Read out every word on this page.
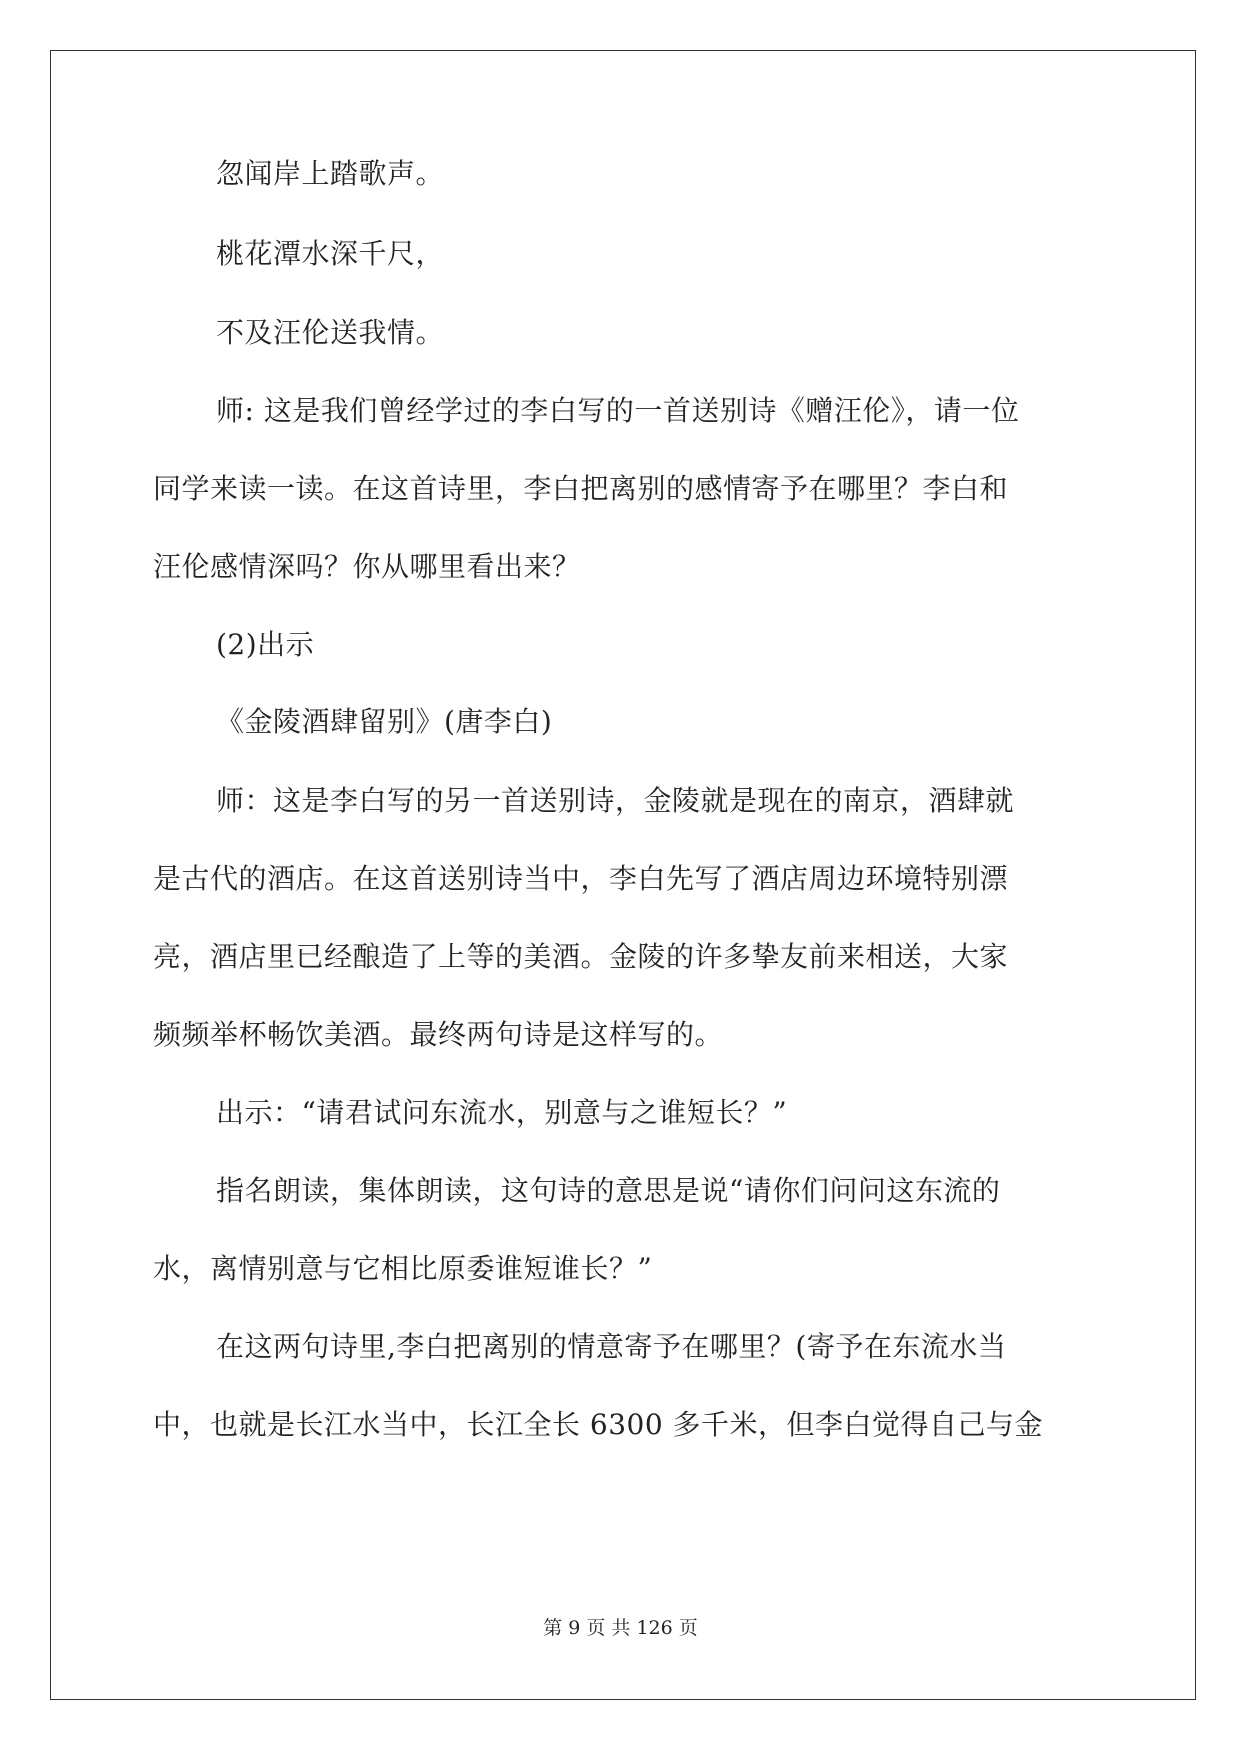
忽闻岸上踏歌声。
桃花潭水深千尺，
不及汪伦送我情。
师: 这是我们曾经学过的李白写的一首送别诗《赠汪伦》，请一位
同学来读一读。在这首诗里，李白把离别的感情寄予在哪里？李白和
汪伦感情深吗？你从哪里看出来？
(2)出示
《金陵酒肆留别》(唐李白)
师：这是李白写的另一首送别诗，金陵就是现在的南京，酒肆就
是古代的酒店。在这首送别诗当中，李白先写了酒店周边环境特别漂
亮，酒店里已经酿造了上等的美酒。金陵的许多挚友前来相送，大家
频频举杯畅饮美酒。最终两句诗是这样写的。
出示：“请君试问东流水，别意与之谁短长？”
指名朗读，集体朗读，这句诗的意思是说“请你们问问这东流的
水，离情别意与它相比原委谁短谁长？”
在这两句诗里,李白把离别的情意寄予在哪里？(寄予在东流水当
中，也就是长江水当中，长江全长 6300 多千米，但李白觉得自己与金
第 9 页 共 126 页
